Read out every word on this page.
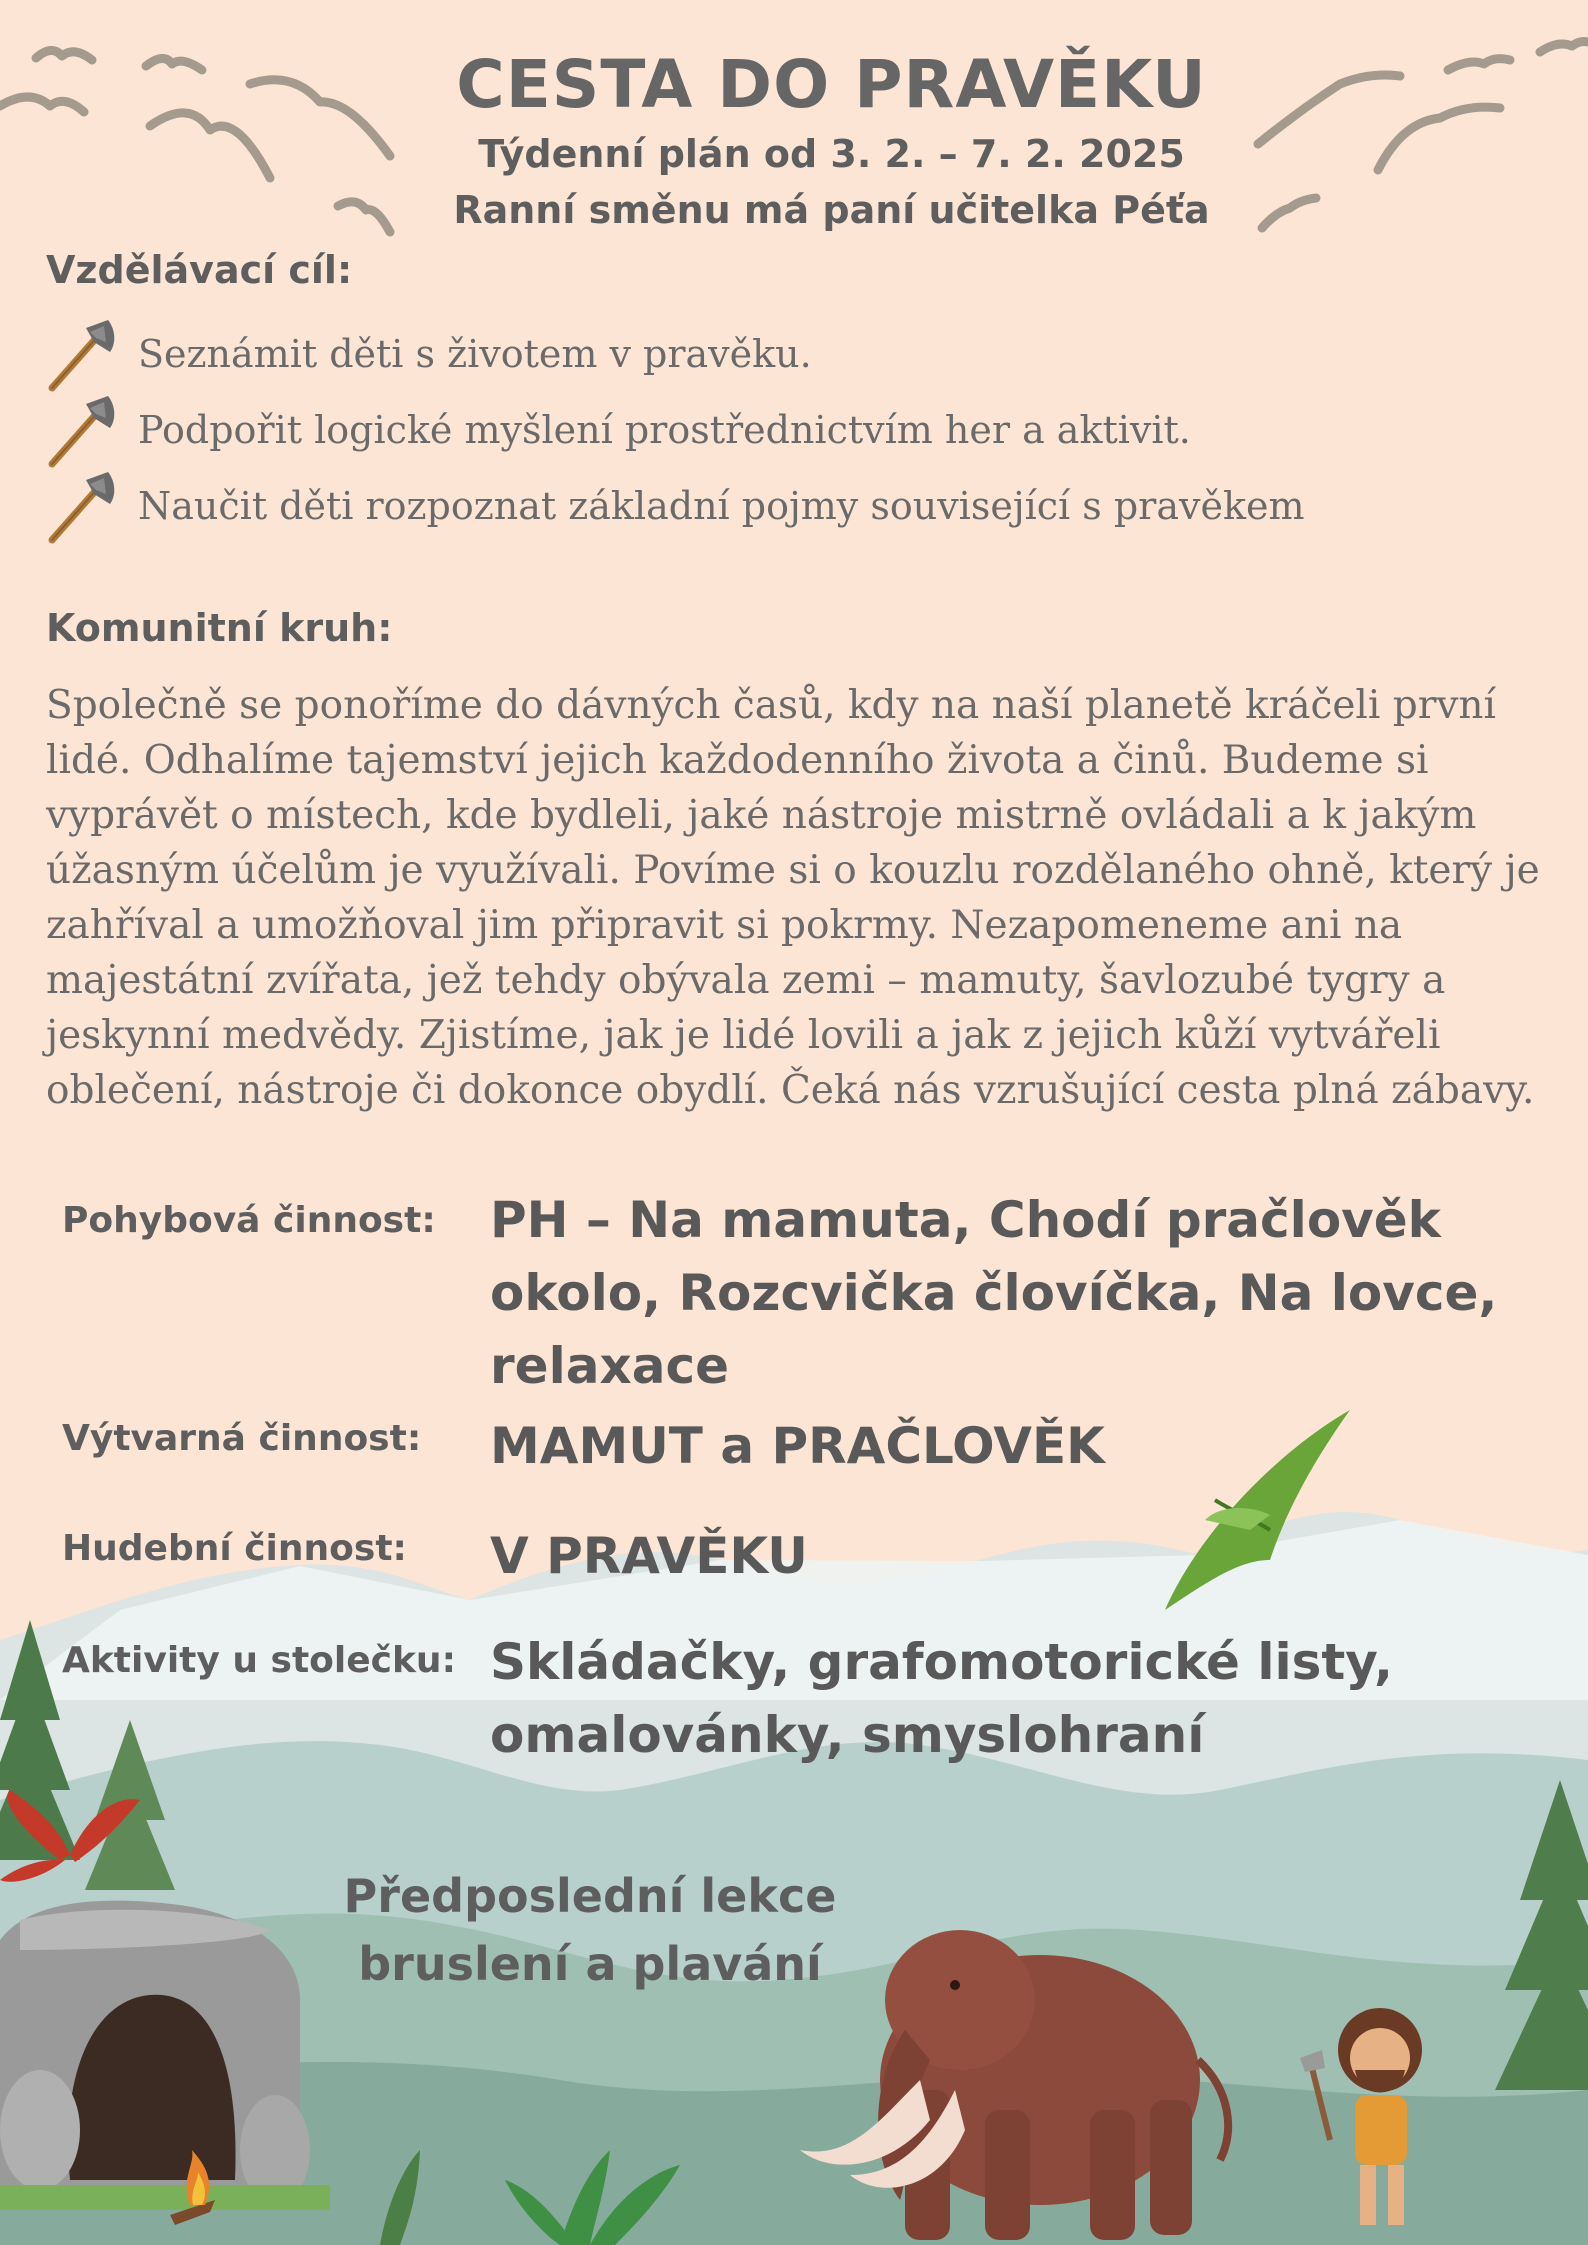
CESTA DO PRAVĚKU
Týdenní plán od 3. 2. – 7. 2. 2025
Ranní směnu má paní učitelka Péťa
Vzdělávací cíl:
Seznámit děti s životem v pravěku.
Podpořit logické myšlení prostřednictvím her a aktivit.
Naučit děti rozpoznat základní pojmy související s pravěkem
Komunitní kruh:

Společně se ponoříme do dávných časů, kdy na naší planetě kráčeli první lidé. Odhalíme tajemství jejich každodenního života a činů. Budeme si vyprávět o místech, kde bydleli, jaké nástroje mistrně ovládali a k jakým úžasným účelům je využívali. Povíme si o kouzlu rozdělaného ohně, který je zahříval a umožňoval jim připravit si pokrmy. Nezapomeneme ani na majestátní zvířata, jež tehdy obývala zemi – mamuty, šavlozubé tygry a jeskynní medvědy. Zjistíme, jak je lidé lovili a jak z jejich kůží vytvářeli oblečení, nástroje či dokonce obydlí. Čeká nás vzrušující cesta plná zábavy.

Pohybová činnost: PH – Na mamuta, Chodí pračlověk okolo, Rozcvička človíčka, Na lovce, relaxace
Výtvarná činnost: MAMUT a PRAČLOVĚK
Hudební činnost: V PRAVĚKU
Aktivity u stolečku: Skládačky, grafomotorické listy, omalovánky, smyslohraní
Předposlední lekce
bruslení a plavání
